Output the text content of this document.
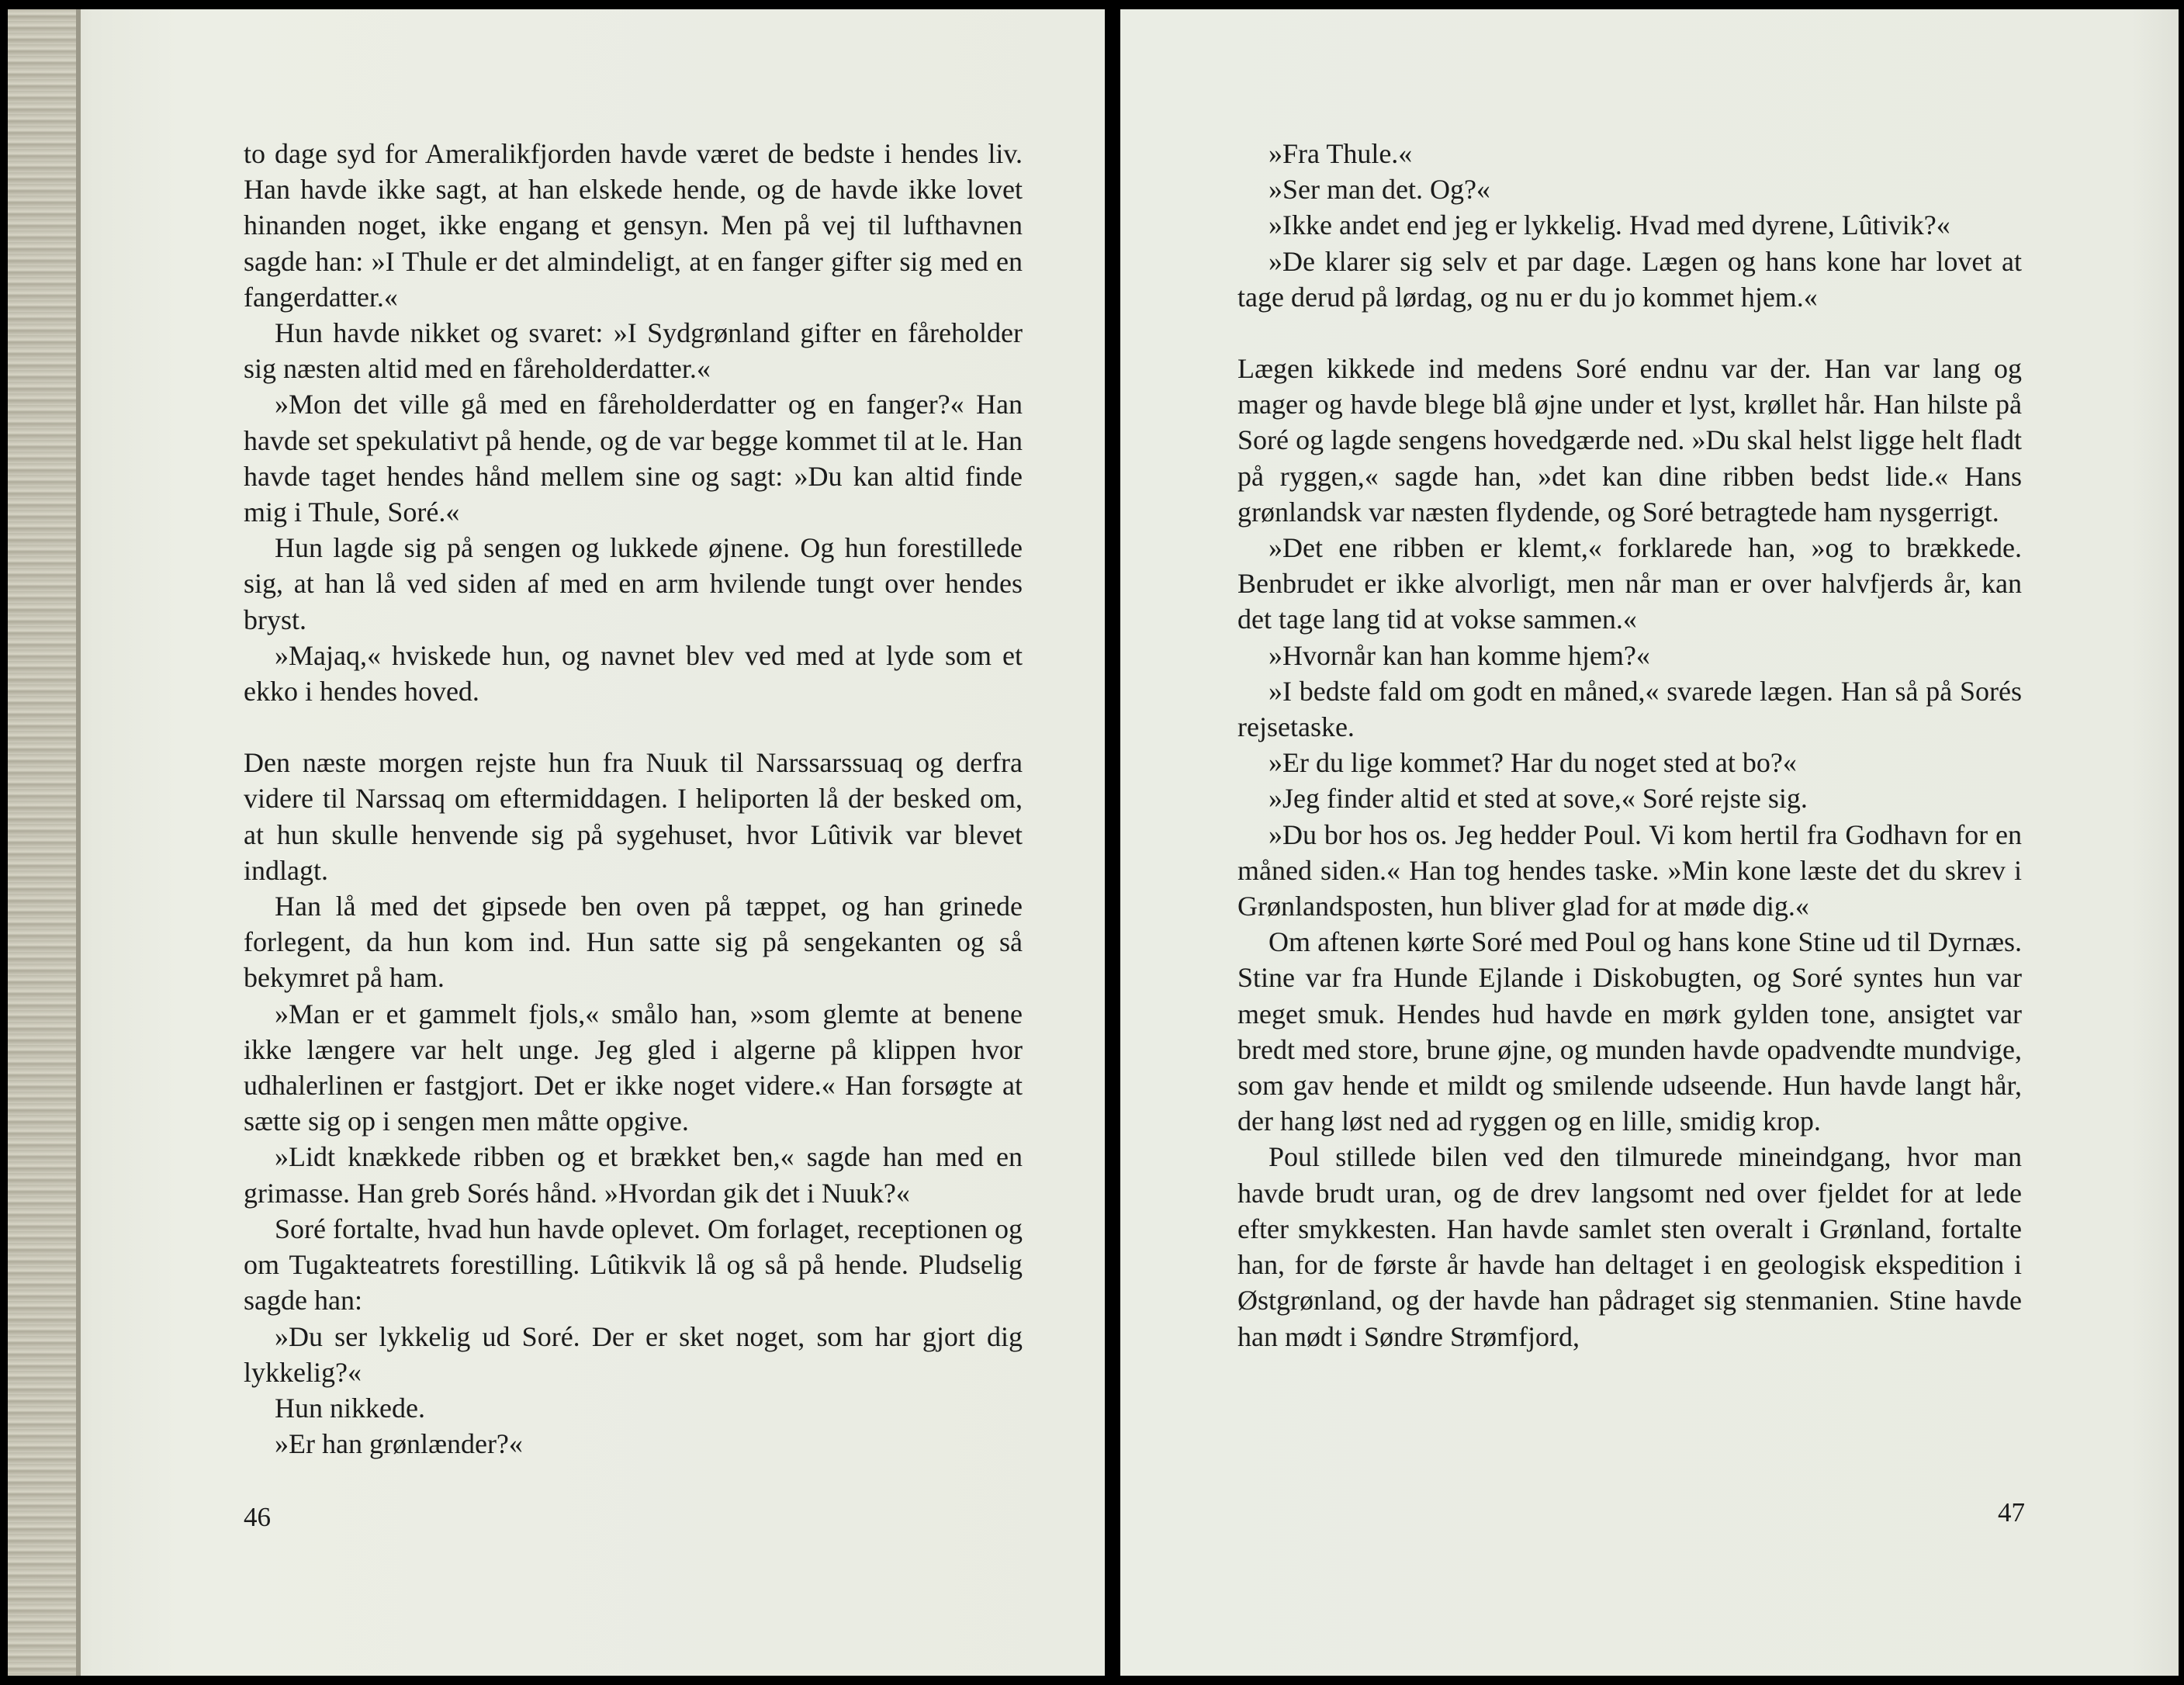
to dage syd for Ameralikfjorden havde været de bedste i hendes liv. Han havde ikke sagt, at han elskede hende, og de havde ikke lovet hinanden noget, ikke engang et gensyn. Men på vej til lufthavnen sagde han: »I Thule er det almindeligt, at en fanger gifter sig med en fangerdatter.«

Hun havde nikket og svaret: »I Sydgrønland gifter en fåreholder sig næsten altid med en fåreholderdatter.«

»Mon det ville gå med en fåreholderdatter og en fanger?« Han havde set spekulativt på hende, og de var begge kommet til at le. Han havde taget hendes hånd mellem sine og sagt: »Du kan altid finde mig i Thule, Soré.«

Hun lagde sig på sengen og lukkede øjnene. Og hun forestillede sig, at han lå ved siden af med en arm hvilende tungt over hendes bryst.

»Majaq,« hviskede hun, og navnet blev ved med at lyde som et ekko i hendes hoved.

Den næste morgen rejste hun fra Nuuk til Narssarssuaq og derfra videre til Narssaq om eftermiddagen. I heliporten lå der besked om, at hun skulle henvende sig på sygehuset, hvor Lûtivik var blevet indlagt.

Han lå med det gipsede ben oven på tæppet, og han grinede forlegent, da hun kom ind. Hun satte sig på sengekanten og så bekymret på ham.

»Man er et gammelt fjols,« smålo han, »som glemte at benene ikke længere var helt unge. Jeg gled i algerne på klippen hvor udhalerlinen er fastgjort. Det er ikke noget videre.« Han forsøgte at sætte sig op i sengen men måtte opgive.

»Lidt knækkede ribben og et brækket ben,« sagde han med en grimasse. Han greb Sorés hånd. »Hvordan gik det i Nuuk?«

Soré fortalte, hvad hun havde oplevet. Om forlaget, receptionen og om Tugakteatrets forestilling. Lûtikvik lå og så på hende. Pludselig sagde han:

»Du ser lykkelig ud Soré. Der er sket noget, som har gjort dig lykkelig?«

Hun nikkede.

»Er han grønlænder?«

46

»Fra Thule.«

»Ser man det. Og?«

»Ikke andet end jeg er lykkelig. Hvad med dyrene, Lûtivik?«

»De klarer sig selv et par dage. Lægen og hans kone har lovet at tage derud på lørdag, og nu er du jo kommet hjem.«

Lægen kikkede ind medens Soré endnu var der. Han var lang og mager og havde blege blå øjne under et lyst, krøllet hår. Han hilste på Soré og lagde sengens hovedgærde ned. »Du skal helst ligge helt fladt på ryggen,« sagde han, »det kan dine ribben bedst lide.« Hans grønlandsk var næsten flydende, og Soré betragtede ham nysgerrigt.

»Det ene ribben er klemt,« forklarede han, »og to brækkede. Benbrudet er ikke alvorligt, men når man er over halvfjerds år, kan det tage lang tid at vokse sammen.«

»Hvornår kan han komme hjem?«

»I bedste fald om godt en måned,« svarede lægen. Han så på Sorés rejsetaske.

»Er du lige kommet? Har du noget sted at bo?«

»Jeg finder altid et sted at sove,« Soré rejste sig.

»Du bor hos os. Jeg hedder Poul. Vi kom hertil fra Godhavn for en måned siden.« Han tog hendes taske. »Min kone læste det du skrev i Grønlandsposten, hun bliver glad for at møde dig.«

Om aftenen kørte Soré med Poul og hans kone Stine ud til Dyrnæs. Stine var fra Hunde Ejlande i Diskobugten, og Soré syntes hun var meget smuk. Hendes hud havde en mørk gylden tone, ansigtet var bredt med store, brune øjne, og munden havde opadvendte mundvige, som gav hende et mildt og smilende udseende. Hun havde langt hår, der hang løst ned ad ryggen og en lille, smidig krop.

Poul stillede bilen ved den tilmurede mineindgang, hvor man havde brudt uran, og de drev langsomt ned over fjeldet for at lede efter smykkesten. Han havde samlet sten overalt i Grønland, fortalte han, for de første år havde han deltaget i en geologisk ekspedition i Østgrønland, og der havde han pådraget sig stenmanien. Stine havde han mødt i Søndre Strømfjord,

47
